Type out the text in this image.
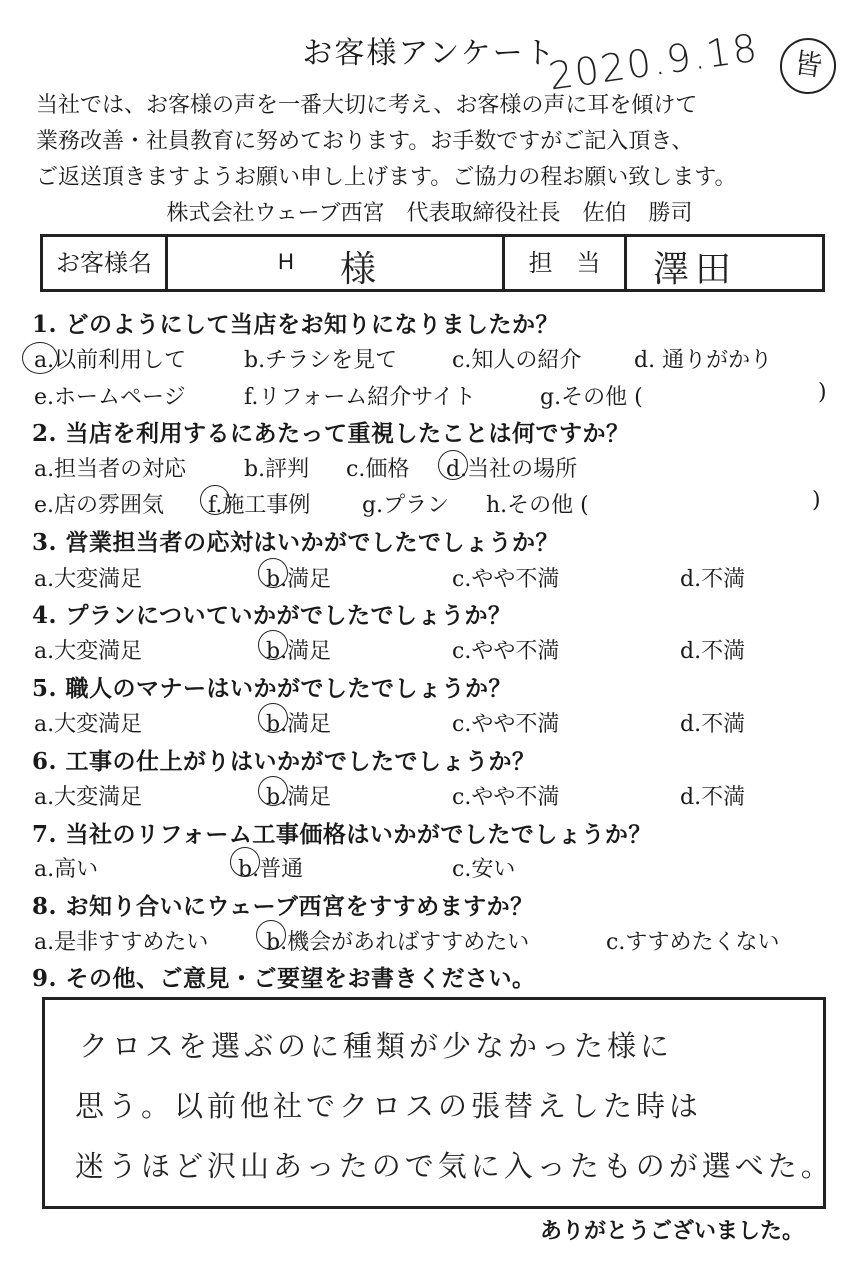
お客様アンケート
2020.9.18	皆
当社では、お客様の声を一番大切に考え、お客様の声に耳を傾けて
業務改善・社員教育に努めております。お手数ですがご記入頂き、
ご返送頂きますようお願い申し上げます。ご協力の程お願い致します。
株式会社ウェーブ西宮　代表取締役社長　佐伯　勝司
お客様名	H 様	担　当	澤田
1. どのようにして当店をお知りになりましたか？
a.以前利用して	b.チラシを見て c.知人の紹介 d. 通りがかり
e.ホームページ	f.リフォーム紹介サイト	g.その他 (	)
2. 当店を利用するにあたって重視したことは何ですか？
a.担当者の対応	b.評判 c.価格 d.当社の場所
e.店の雰囲気 f.施工事例 g.プラン h.その他 (	)
3. 営業担当者の応対はいかがでしたでしょうか？
a.大変満足	b.満足	c.やや不満	d.不満
4. プランについていかがでしたでしょうか？
a.大変満足	b.満足	c.やや不満	d.不満
5. 職人のマナーはいかがでしたでしょうか？
a.大変満足	b.満足	c.やや不満	d.不満
6. 工事の仕上がりはいかがでしたでしょうか？
a.大変満足	b.満足	c.やや不満	d.不満
7. 当社のリフォーム工事価格はいかがでしたでしょうか？
a.高い	b.普通	c.安い
8. お知り合いにウェーブ西宮をすすめますか？
a.是非すすめたい	b.機会があればすすめたい	c.すすめたくない
9. その他、ご意見・ご要望をお書きください。
クロスを選ぶのに種類が少なかった様に
思う。以前他社でクロスの張替えした時は
迷うほど沢山あったので気に入ったものが選べた。
ありがとうございました。
